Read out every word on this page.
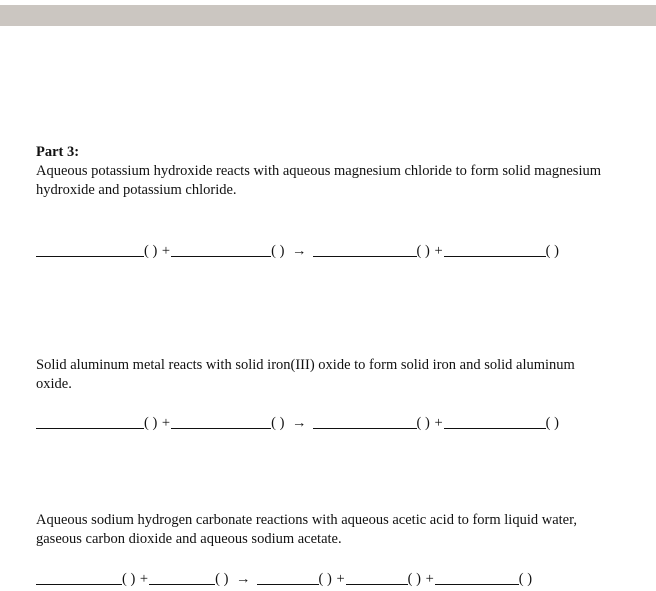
Part 3:
Aqueous potassium hydroxide reacts with aqueous magnesium chloride to form solid magnesium hydroxide and potassium chloride.
( ) +	( ) →	( ) +	( )
Solid aluminum metal reacts with solid iron(III) oxide to form solid iron and solid aluminum oxide.
( ) +	( ) →	( ) +	( )
Aqueous sodium hydrogen carbonate reactions with aqueous acetic acid to form liquid water, gaseous carbon dioxide and aqueous sodium acetate.
( ) +	( ) →	( ) +	( ) +	( )
